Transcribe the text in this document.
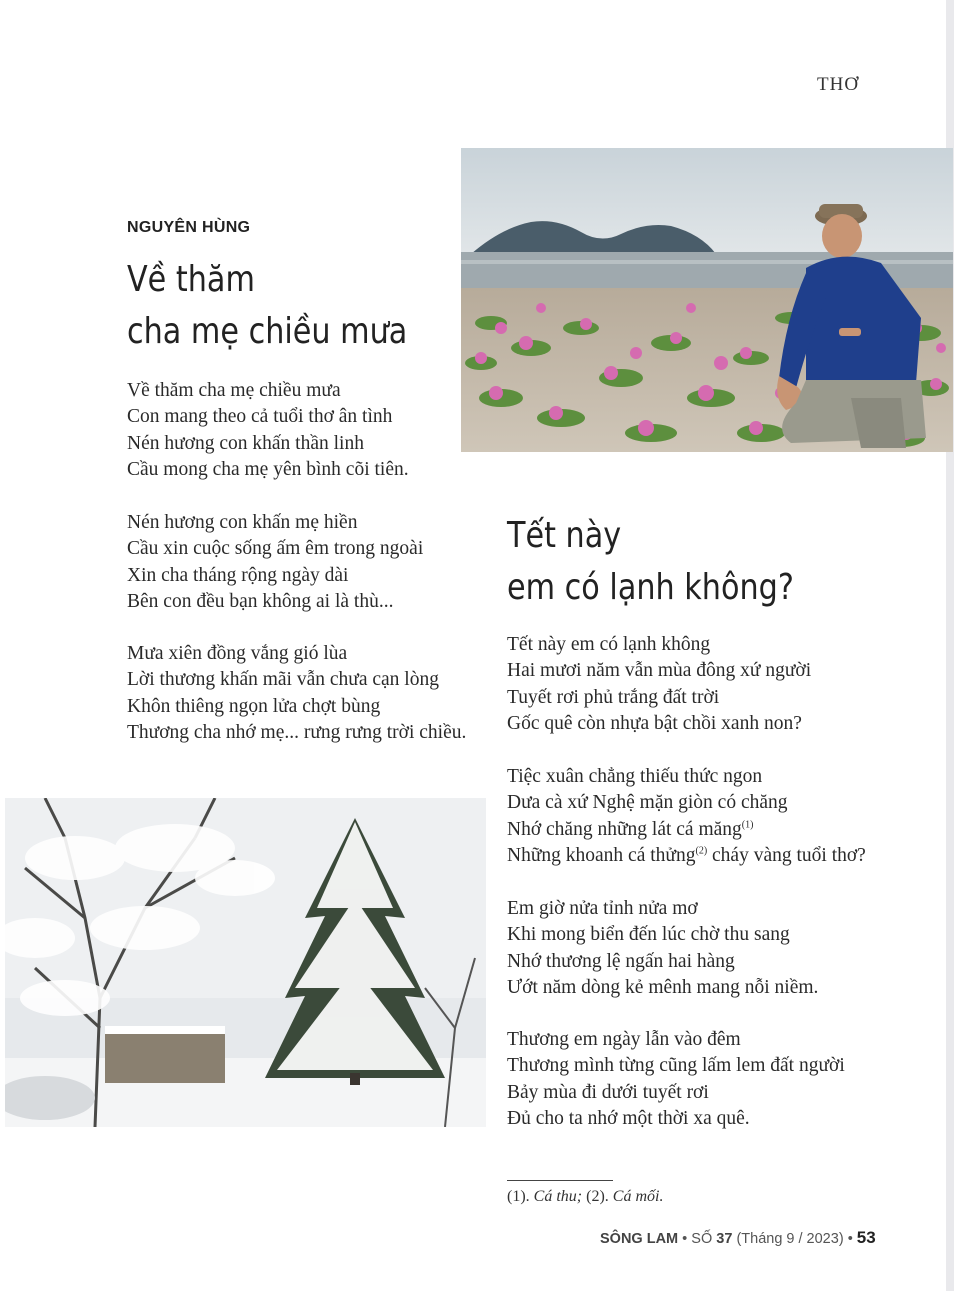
THƠ
NGUYÊN HÙNG
Về thăm
cha mẹ chiều mưa
Về thăm cha mẹ chiều mưa
Con mang theo cả tuổi thơ ân tình
Nén hương con khấn thần linh
Cầu mong cha mẹ yên bình cõi tiên.
Nén hương con khấn mẹ hiền
Cầu xin cuộc sống ấm êm trong ngoài
Xin cha tháng rộng ngày dài
Bên con đều bạn không ai là thù...
Mưa xiên đồng vắng gió lùa
Lời thương khấn mãi vẫn chưa cạn lòng
Khôn thiêng ngọn lửa chợt bùng
Thương cha nhớ mẹ... rưng rưng trời chiều.
Tết này
em có lạnh không?
Tết này em có lạnh không
Hai mươi năm vẫn mùa đông xứ người
Tuyết rơi phủ trắng đất trời
Gốc quê còn nhựa bật chồi xanh non?
Tiệc xuân chẳng thiếu thức ngon
Dưa cà xứ Nghệ mặn giòn có chăng
Nhớ chăng những lát cá măng$^{(1)}$
Những khoanh cá thửng$^{(2)}$ cháy vàng tuổi thơ?
Em giờ nửa tỉnh nửa mơ
Khi mong biển đến lúc chờ thu sang
Nhớ thương lệ ngấn hai hàng
Ướt năm dòng kẻ mênh mang nỗi niềm.
Thương em ngày lẫn vào đêm
Thương mình từng cũng lấm lem đất người
Bảy mùa đi dưới tuyết rơi
Đủ cho ta nhớ một thời xa quê.
(1). Cá thu; (2). Cá mối.
SÔNG LAM • SỐ 37 (Tháng 9 / 2023) • 53
